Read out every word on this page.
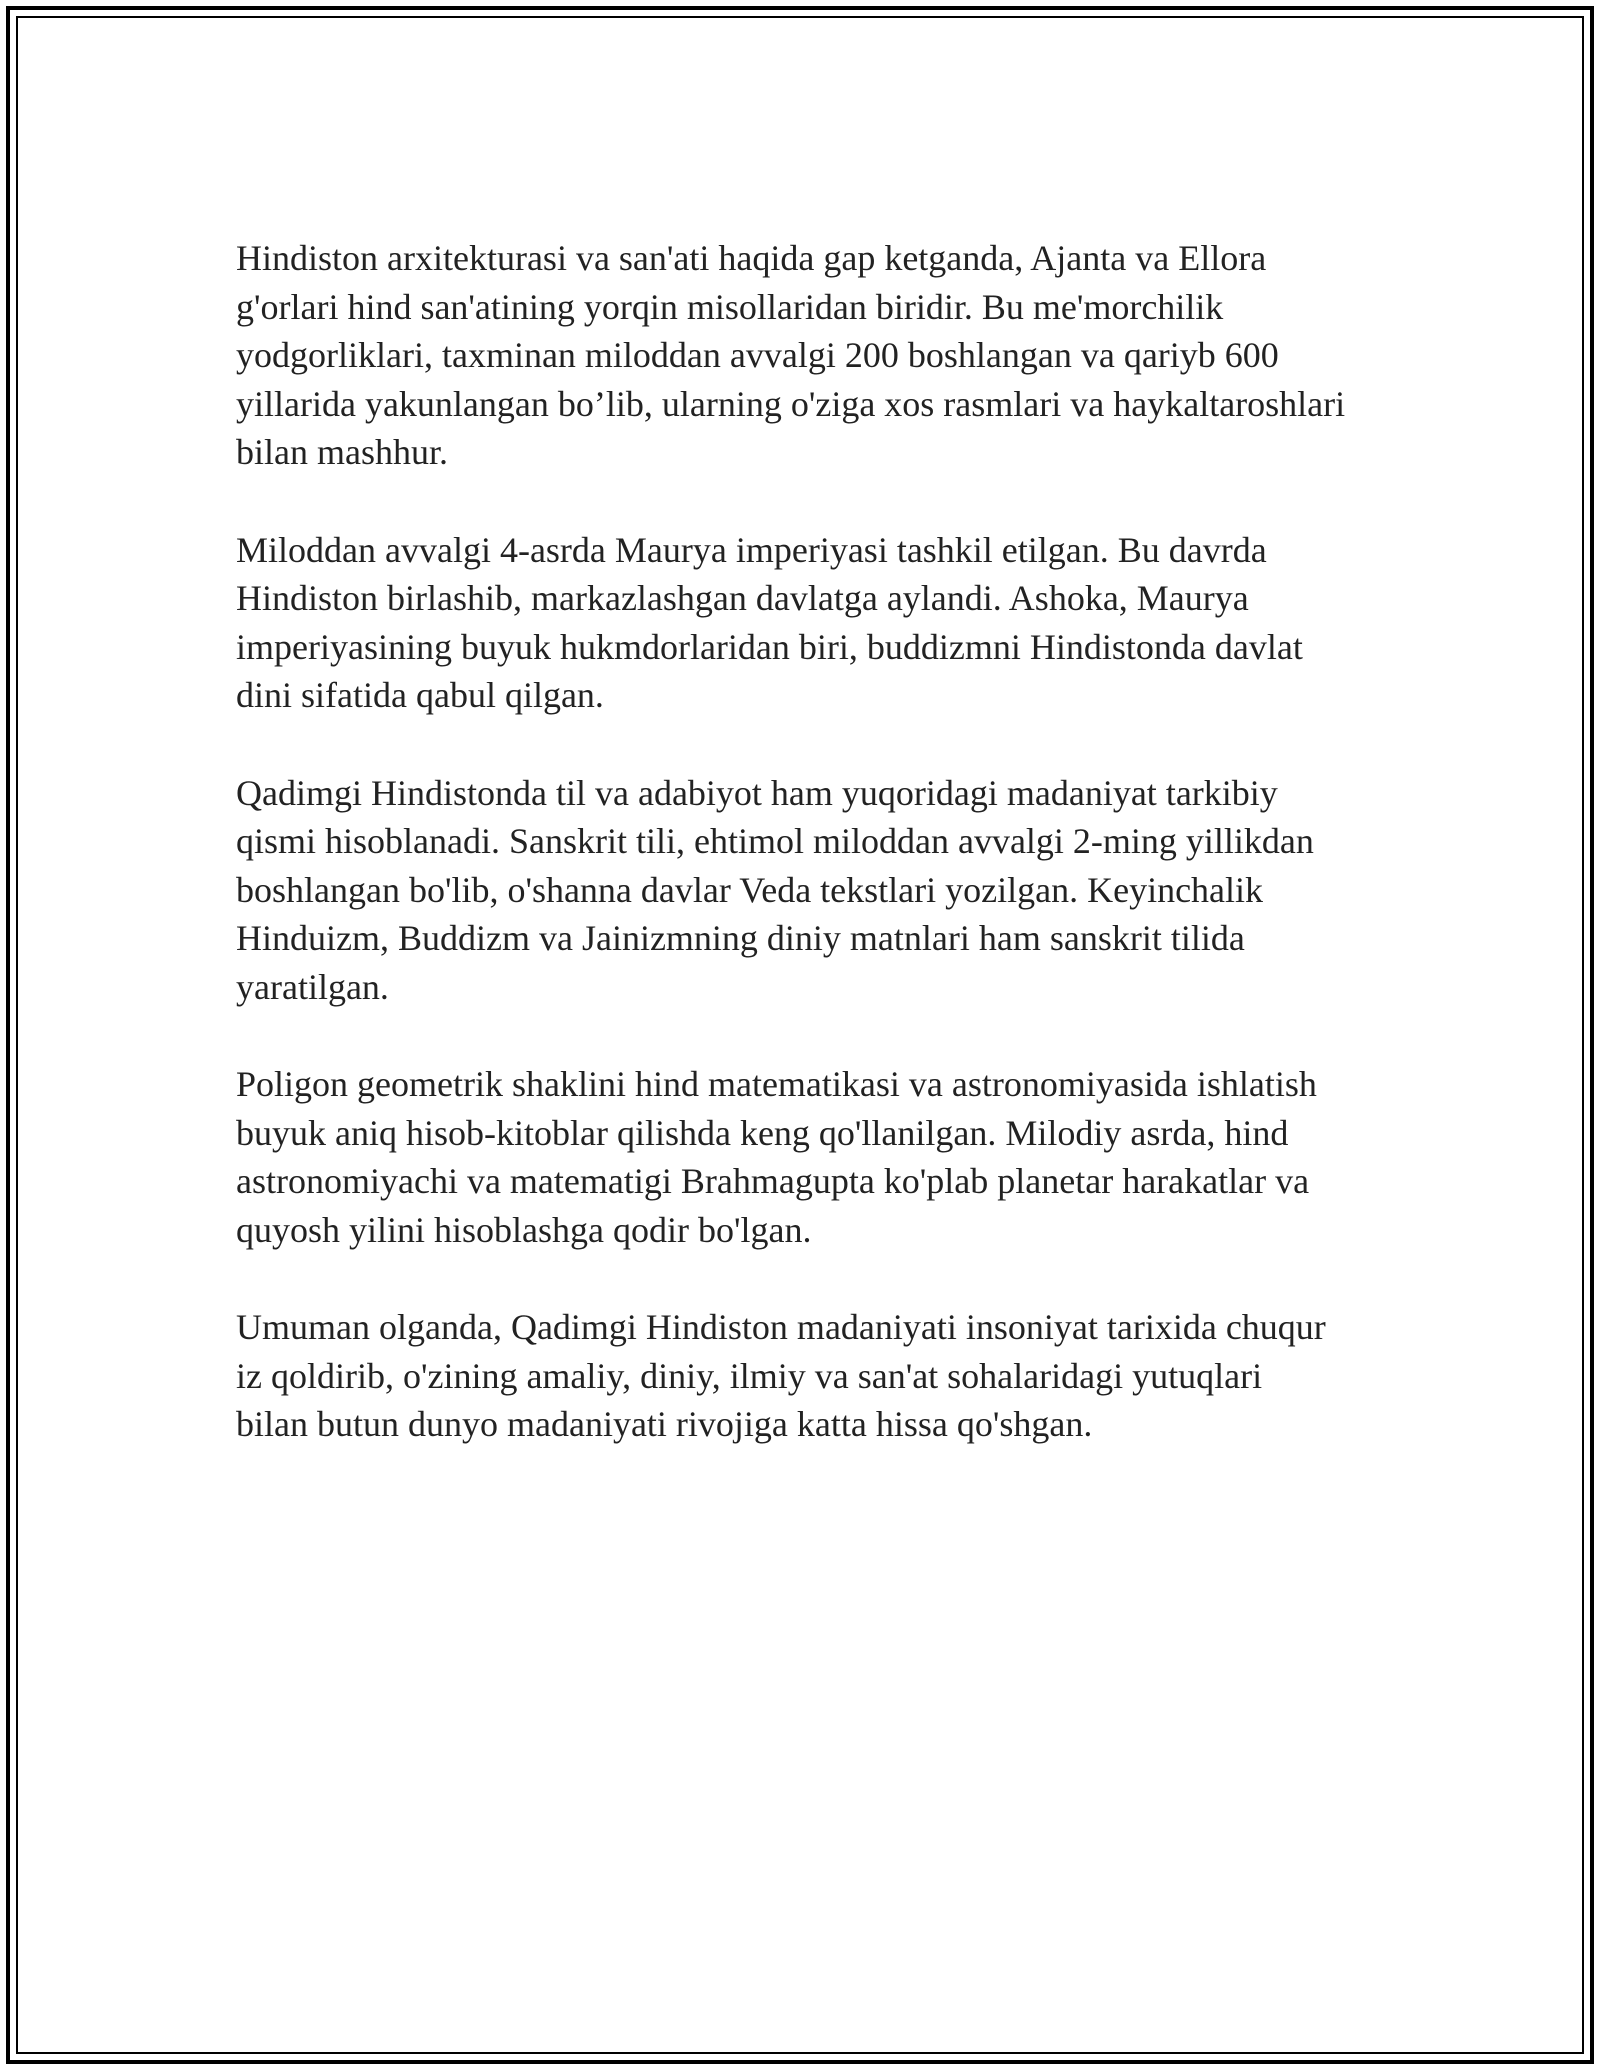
Hindiston arxitekturasi va san'ati haqida gap ketganda, Ajanta va Ellora
g'orlari hind san'atining yorqin misollaridan biridir. Bu me'morchilik
yodgorliklari, taxminan miloddan avvalgi 200 boshlangan va qariyb 600
yillarida yakunlangan bo’lib, ularning o'ziga xos rasmlari va haykaltaroshlari
bilan mashhur.

Miloddan avvalgi 4-asrda Maurya imperiyasi tashkil etilgan. Bu davrda
Hindiston birlashib, markazlashgan davlatga aylandi. Ashoka, Maurya
imperiyasining buyuk hukmdorlaridan biri, buddizmni Hindistonda davlat
dini sifatida qabul qilgan.

Qadimgi Hindistonda til va adabiyot ham yuqoridagi madaniyat tarkibiy
qismi hisoblanadi. Sanskrit tili, ehtimol miloddan avvalgi 2-ming yillikdan
boshlangan bo'lib, o'shanna davlar Veda tekstlari yozilgan. Keyinchalik
Hinduizm, Buddizm va Jainizmning diniy matnlari ham sanskrit tilida
yaratilgan.

Poligon geometrik shaklini hind matematikasi va astronomiyasida ishlatish
buyuk aniq hisob-kitoblar qilishda keng qo'llanilgan. Milodiy asrda, hind
astronomiyachi va matematigi Brahmagupta ko'plab planetar harakatlar va
quyosh yilini hisoblashga qodir bo'lgan.

Umuman olganda, Qadimgi Hindiston madaniyati insoniyat tarixida chuqur
iz qoldirib, o'zining amaliy, diniy, ilmiy va san'at sohalaridagi yutuqlari
bilan butun dunyo madaniyati rivojiga katta hissa qo'shgan.
